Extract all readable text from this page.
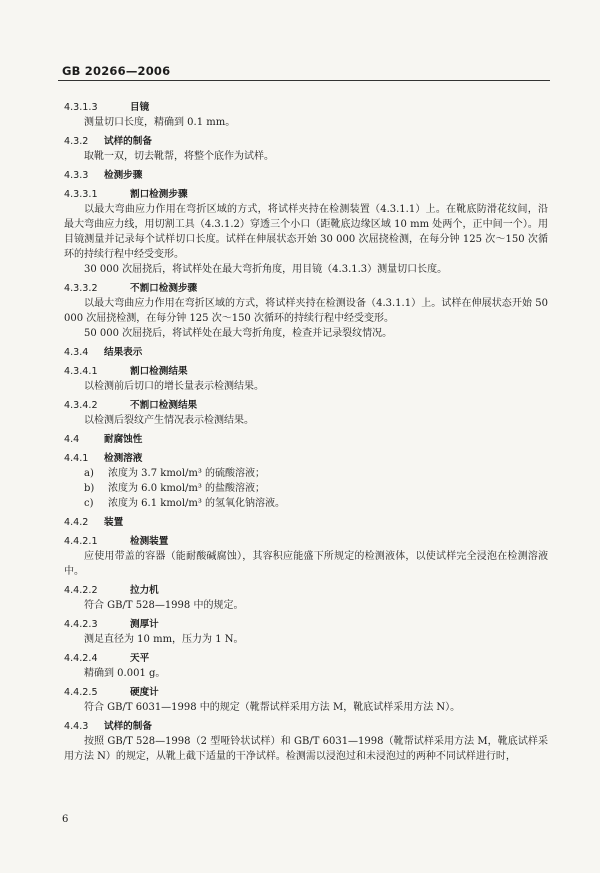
GB 20266—2006
4.3.1.3	目镜
测量切口长度，精确到 0.1 mm。
4.3.2 试样的制备
取靴一双，切去靴帮，将整个底作为试样。
4.3.3 检测步骤
4.3.3.1	割口检测步骤
以最大弯曲应力作用在弯折区域的方式，将试样夹持在检测装置（4.3.1.1）上。在靴底防滑花纹间，沿最大弯曲应力线，用切割工具（4.3.1.2）穿透三个小口（距靴底边缘区域 10 mm 处两个，正中间一个）。用目镜测量并记录每个试样切口长度。试样在伸展状态开始 30 000 次屈挠检测，在每分钟 125 次～150 次循环的持续行程中经受变形。
30 000 次屈挠后，将试样处在最大弯折角度，用目镜（4.3.1.3）测量切口长度。
4.3.3.2	不割口检测步骤
以最大弯曲应力作用在弯折区域的方式，将试样夹持在检测设备（4.3.1.1）上。试样在伸展状态开始 50 000 次屈挠检测，在每分钟 125 次～150 次循环的持续行程中经受变形。
50 000 次屈挠后，将试样处在最大弯折角度，检查并记录裂纹情况。
4.3.4 结果表示
4.3.4.1	割口检测结果
以检测前后切口的增长量表示检测结果。
4.3.4.2	不割口检测结果
以检测后裂纹产生情况表示检测结果。
4.4	耐腐蚀性
4.4.1 检测溶液
a) 浓度为 3.7 kmol/m³ 的硫酸溶液；
b) 浓度为 6.0 kmol/m³ 的盐酸溶液；
c) 浓度为 6.1 kmol/m³ 的氢氧化钠溶液。
4.4.2 装置
4.4.2.1	检测装置
应使用带盖的容器（能耐酸碱腐蚀），其容积应能盛下所规定的检测液体，以使试样完全浸泡在检测溶液中。
4.4.2.2	拉力机
符合 GB/T 528—1998 中的规定。
4.4.2.3	测厚计
测足直径为 10 mm，压力为 1 N。
4.4.2.4	天平
精确到 0.001 g。
4.4.2.5	硬度计
符合 GB/T 6031—1998 中的规定（靴帮试样采用方法 M，靴底试样采用方法 N）。
4.4.3 试样的制备
按照 GB/T 528—1998（2 型哑铃状试样）和 GB/T 6031—1998（靴帮试样采用方法 M，靴底试样采用方法 N）的规定，从靴上截下适量的干净试样。检测需以浸泡过和未浸泡过的两种不同试样进行时，
6
